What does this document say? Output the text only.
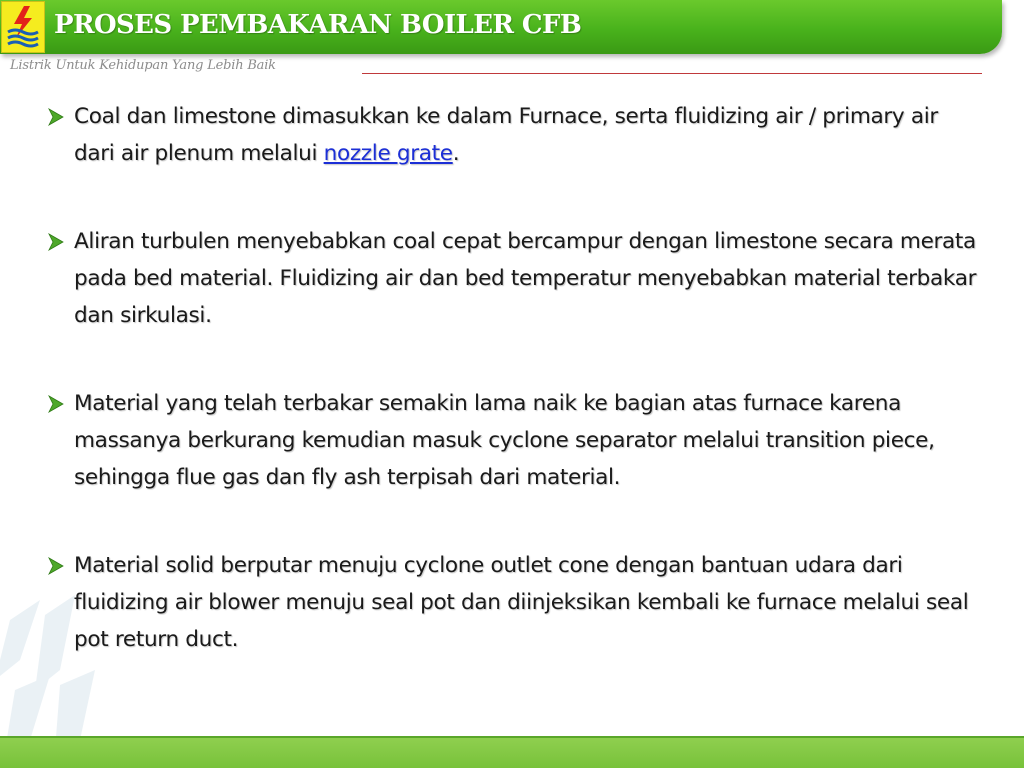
PROSES PEMBAKARAN BOILER CFB
Listrik Untuk Kehidupan Yang Lebih Baik
Coal dan limestone dimasukkan ke dalam Furnace, serta fluidizing air / primary air dari air plenum melalui nozzle grate.
Aliran turbulen menyebabkan coal cepat bercampur dengan limestone secara merata pada bed material. Fluidizing air dan bed temperatur menyebabkan material terbakar dan sirkulasi.
Material yang telah terbakar semakin lama naik ke bagian atas furnace karena massanya berkurang kemudian masuk cyclone separator melalui transition piece, sehingga flue gas dan fly ash terpisah dari material.
Material solid berputar menuju cyclone outlet cone dengan bantuan udara dari fluidizing air blower menuju seal pot dan diinjeksikan kembali ke furnace melalui seal pot return duct.
